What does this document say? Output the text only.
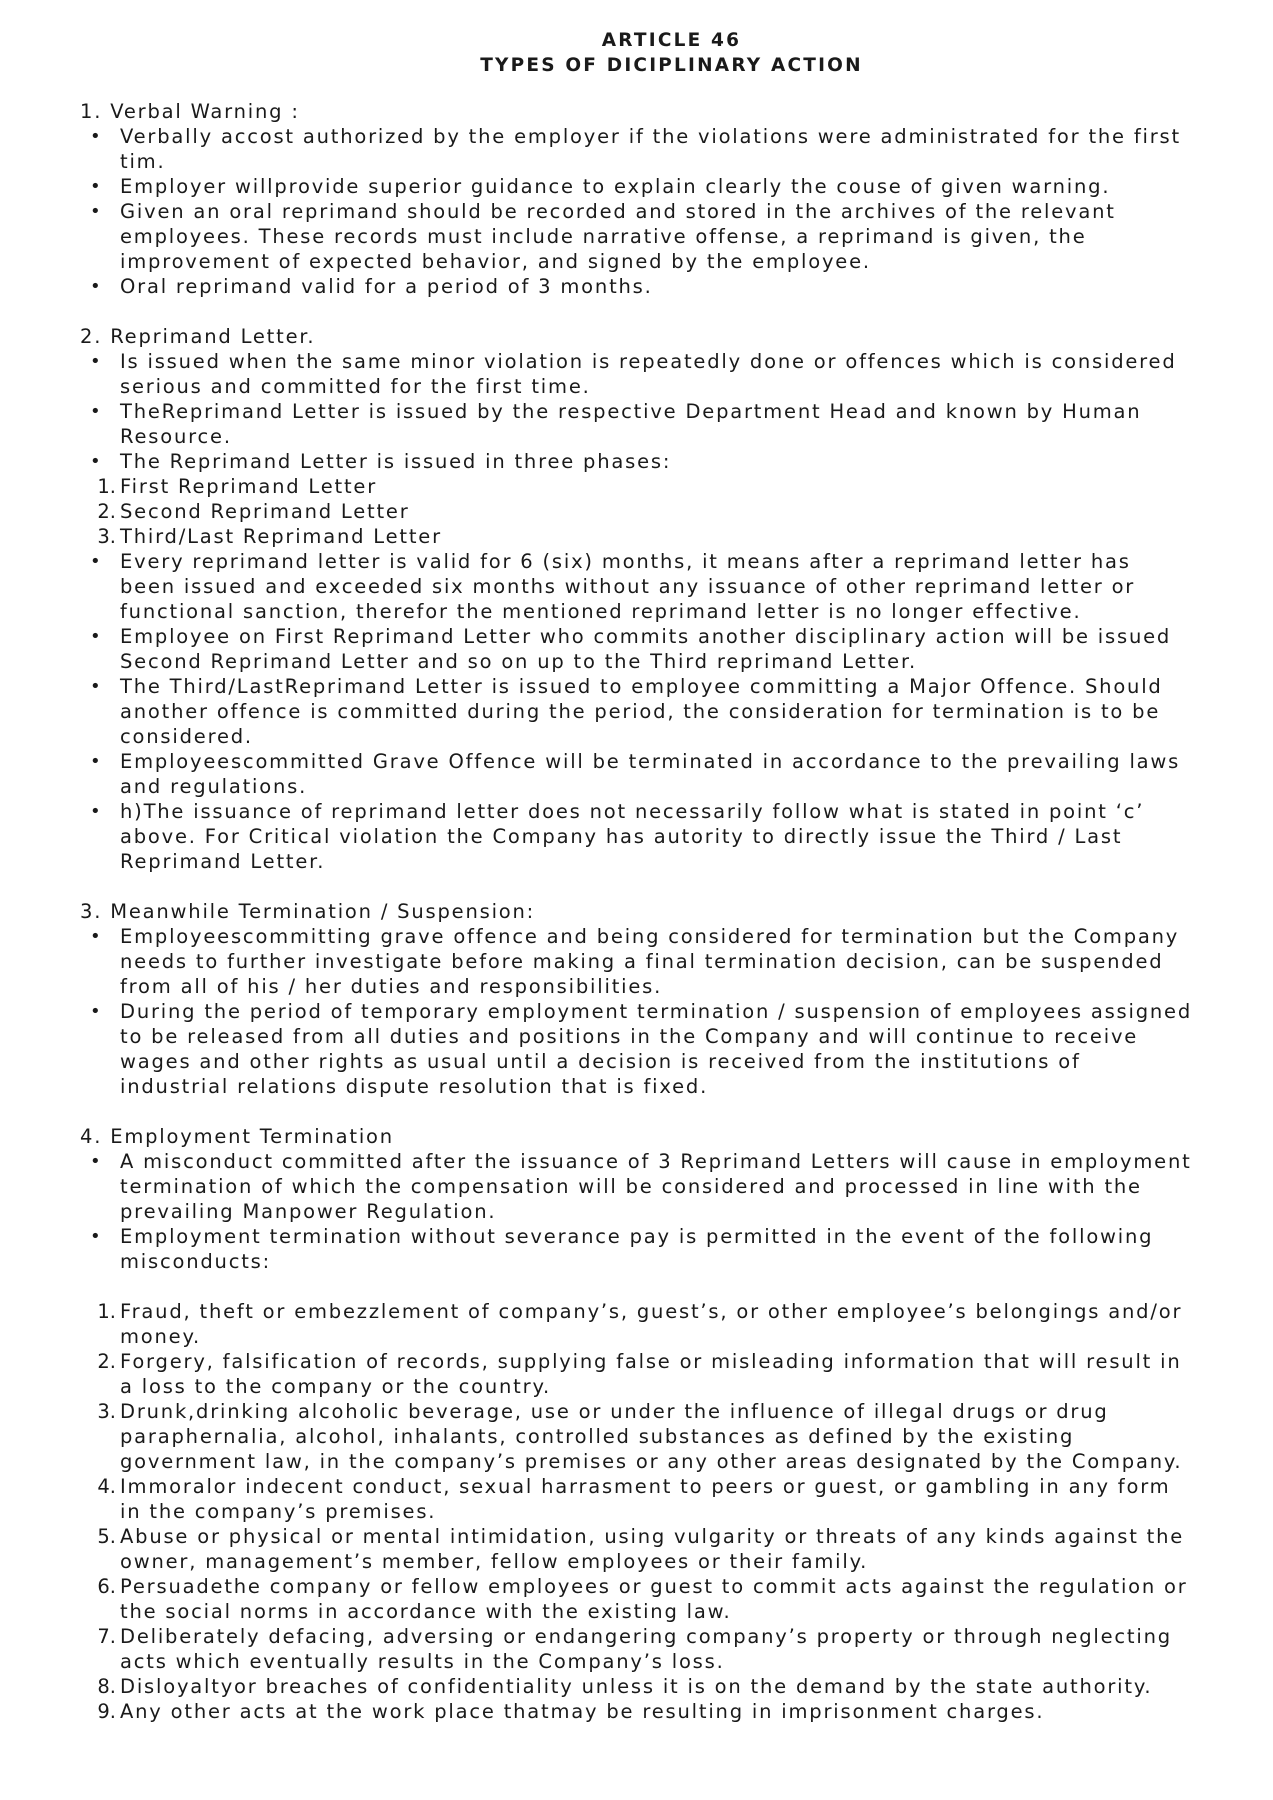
ARTICLE 46
TYPES OF DICIPLINARY ACTION
1. Verbal Warning :
• Verbally accost authorized by the employer if the violations were administrated for the first tim.
• Employer willprovide superior guidance to explain clearly the couse of given warning.
• Given an oral reprimand should be recorded and stored in the archives of the relevant employees. These records must include narrative offense, a reprimand is given, the improvement of expected behavior, and signed by the employee.
• Oral reprimand valid for a period of 3 months.
2. Reprimand Letter.
• Is issued when the same minor violation is repeatedly done or offences which is considered serious and committed for the first time.
• TheReprimand Letter is issued by the respective Department Head and known by Human Resource.
• The Reprimand Letter is issued in three phases:
1. First Reprimand Letter
2. Second Reprimand Letter
3. Third/Last Reprimand Letter
• Every reprimand letter is valid for 6 (six) months, it means after a reprimand letter has been issued and exceeded six months without any issuance of other reprimand letter or functional sanction, therefor the mentioned reprimand letter is no longer effective.
• Employee on First Reprimand Letter who commits another disciplinary action will be issued Second Reprimand Letter and so on up to the Third reprimand Letter.
• The Third/LastReprimand Letter is issued to employee committing a Major Offence. Should another offence is committed during the period, the consideration for termination is to be considered.
• Employeescommitted Grave Offence will be terminated in accordance to the prevailing laws and regulations.
• h)The issuance of reprimand letter does not necessarily follow what is stated in point ‘c’ above. For Critical violation the Company has autority to directly issue the Third / Last Reprimand Letter.
3. Meanwhile Termination / Suspension:
• Employeescommitting grave offence and being considered for termination but the Company needs to further investigate before making a final termination decision, can be suspended from all of his / her duties and responsibilities.
• During the period of temporary employment termination / suspension of employees assigned to be released from all duties and positions in the Company and will continue to receive wages and other rights as usual until a decision is received from the institutions of industrial relations dispute resolution that is fixed.
4. Employment Termination
• A misconduct committed after the issuance of 3 Reprimand Letters will cause in employment termination of which the compensation will be considered and processed in line with the prevailing Manpower Regulation.
• Employment termination without severance pay is permitted in the event of the following misconducts:
1. Fraud, theft or embezzlement of company’s, guest’s, or other employee’s belongings and/or money.
2. Forgery, falsification of records, supplying false or misleading information that will result in a loss to the company or the country.
3. Drunk,drinking alcoholic beverage, use or under the influence of illegal drugs or drug paraphernalia, alcohol, inhalants, controlled substances as defined by the existing government law, in the company’s premises or any other areas designated by the Company.
4. Immoralor indecent conduct, sexual harrasment to peers or guest, or gambling in any form in the company’s premises.
5. Abuse or physical or mental intimidation, using vulgarity or threats of any kinds against the owner, management’s member, fellow employees or their family.
6. Persuadethe company or fellow employees or guest to commit acts against the regulation or the social norms in accordance with the existing law.
7. Deliberately defacing, adversing or endangering company’s property or through neglecting acts which eventually results in the Company’s loss.
8. Disloyaltyor breaches of confidentiality unless it is on the demand by the state authority.
9. Any other acts at the work place thatmay be resulting in imprisonment charges.
